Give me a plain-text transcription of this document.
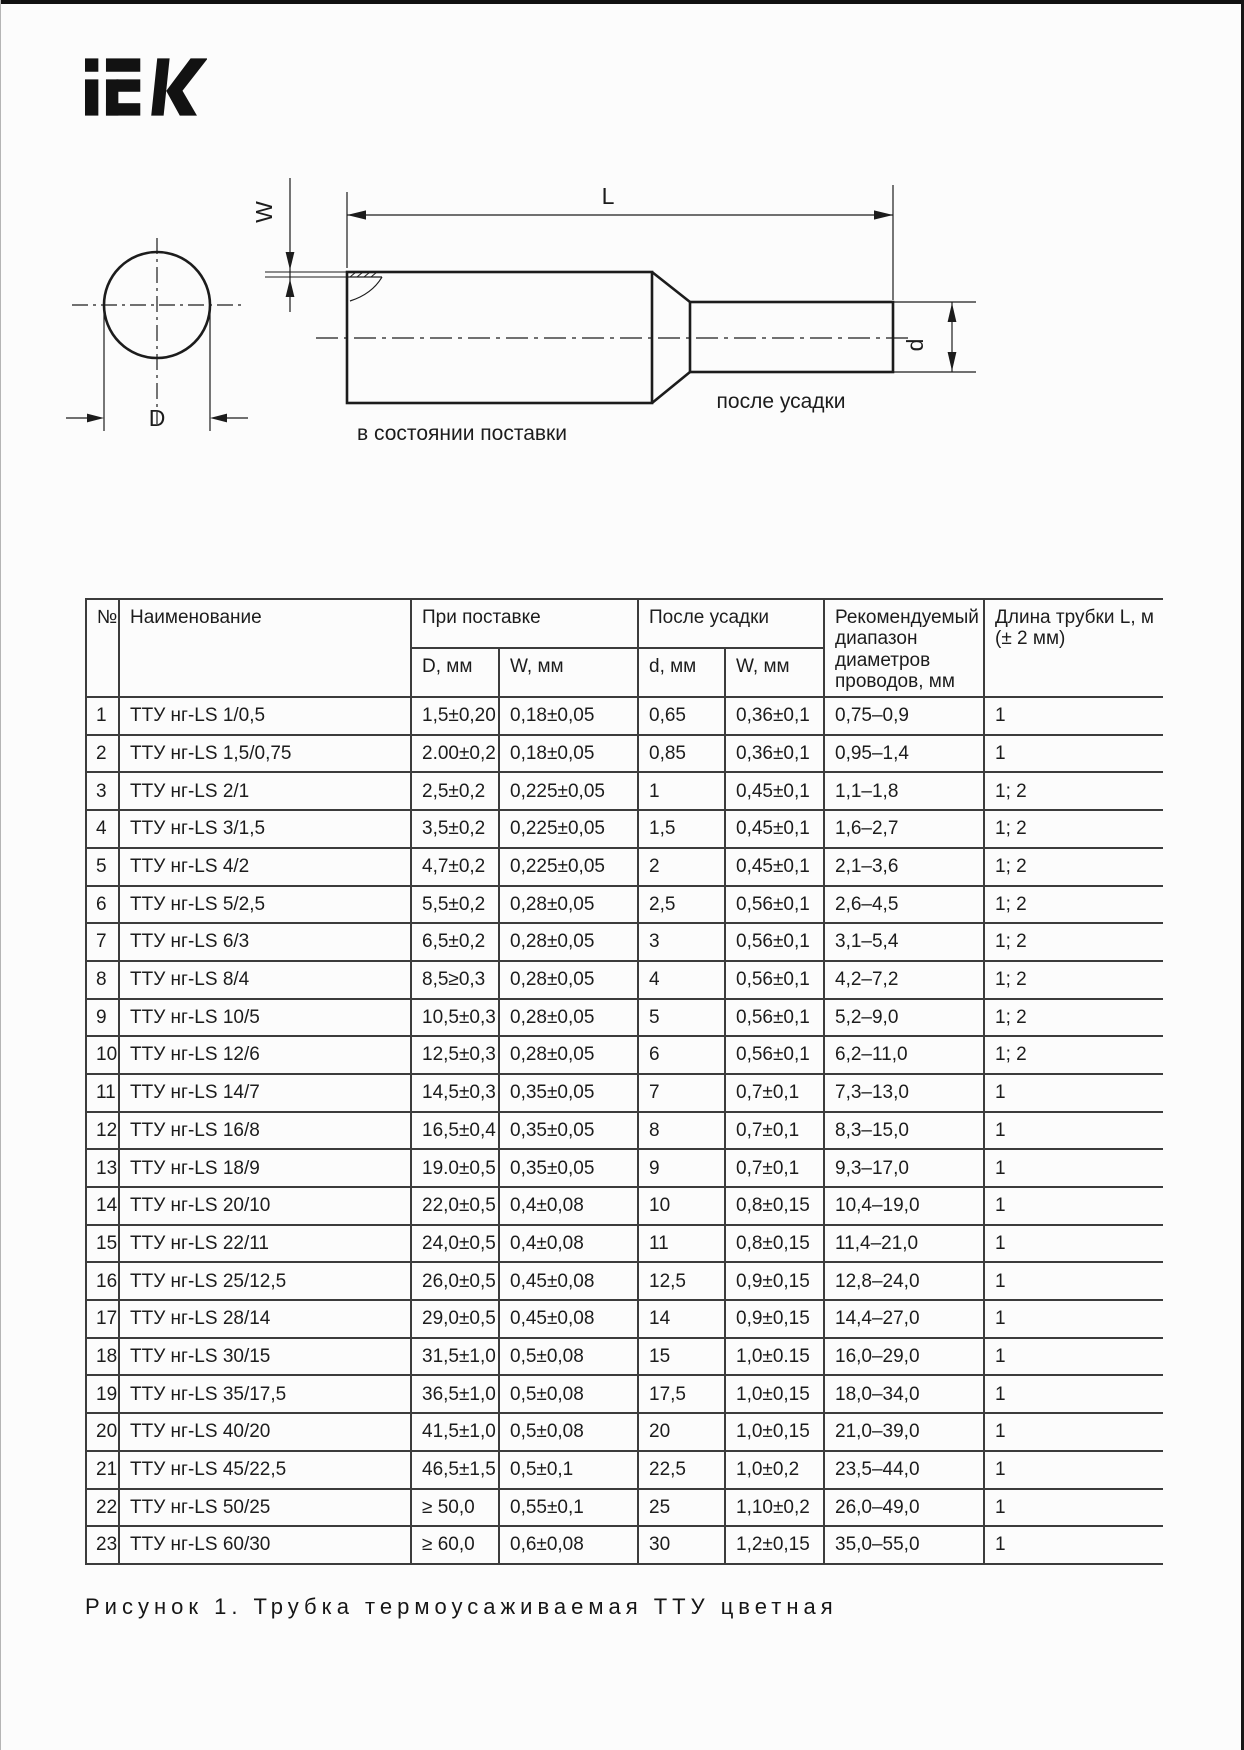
W
L
D
d
в состоянии поставки
после усадки
№	Наименование	При поставке		После усадки		Рекомендуемый диапазон диаметров проводов, мм	Длина трубки L, м (± 2 мм)
		D, мм	W, мм	d, мм	W, мм		
1	ТТУ нг-LS 1/0,5	1,5±0,20	0,18±0,05	0,65	0,36±0,1	0,75–0,9	1
2	ТТУ нг-LS 1,5/0,75	2.00±0,2	0,18±0,05	0,85	0,36±0,1	0,95–1,4	1
3	ТТУ нг-LS 2/1	2,5±0,2	0,225±0,05	1	0,45±0,1	1,1–1,8	1; 2
4	ТТУ нг-LS 3/1,5	3,5±0,2	0,225±0,05	1,5	0,45±0,1	1,6–2,7	1; 2
5	ТТУ нг-LS 4/2	4,7±0,2	0,225±0,05	2	0,45±0,1	2,1–3,6	1; 2
6	ТТУ нг-LS 5/2,5	5,5±0,2	0,28±0,05	2,5	0,56±0,1	2,6–4,5	1; 2
7	ТТУ нг-LS 6/3	6,5±0,2	0,28±0,05	3	0,56±0,1	3,1–5,4	1; 2
8	ТТУ нг-LS 8/4	8,5≥0,3	0,28±0,05	4	0,56±0,1	4,2–7,2	1; 2
9	ТТУ нг-LS 10/5	10,5±0,3	0,28±0,05	5	0,56±0,1	5,2–9,0	1; 2
10	ТТУ нг-LS 12/6	12,5±0,3	0,28±0,05	6	0,56±0,1	6,2–11,0	1; 2
11	ТТУ нг-LS 14/7	14,5±0,3	0,35±0,05	7	0,7±0,1	7,3–13,0	1
12	ТТУ нг-LS 16/8	16,5±0,4	0,35±0,05	8	0,7±0,1	8,3–15,0	1
13	ТТУ нг-LS 18/9	19.0±0,5	0,35±0,05	9	0,7±0,1	9,3–17,0	1
14	ТТУ нг-LS 20/10	22,0±0,5	0,4±0,08	10	0,8±0,15	10,4–19,0	1
15	ТТУ нг-LS 22/11	24,0±0,5	0,4±0,08	11	0,8±0,15	11,4–21,0	1
16	ТТУ нг-LS 25/12,5	26,0±0,5	0,45±0,08	12,5	0,9±0,15	12,8–24,0	1
17	ТТУ нг-LS 28/14	29,0±0,5	0,45±0,08	14	0,9±0,15	14,4–27,0	1
18	ТТУ нг-LS 30/15	31,5±1,0	0,5±0,08	15	1,0±0.15	16,0–29,0	1
19	ТТУ нг-LS 35/17,5	36,5±1,0	0,5±0,08	17,5	1,0±0,15	18,0–34,0	1
20	ТТУ нг-LS 40/20	41,5±1,0	0,5±0,08	20	1,0±0,15	21,0–39,0	1
21	ТТУ нг-LS 45/22,5	46,5±1,5	0,5±0,1	22,5	1,0±0,2	23,5–44,0	1
22	ТТУ нг-LS 50/25	≥ 50,0	0,55±0,1	25	1,10±0,2	26,0–49,0	1
23	ТТУ нг-LS 60/30	≥ 60,0	0,6±0,08	30	1,2±0,15	35,0–55,0	1
Рисунок 1. Трубка термоусаживаемая ТТУ цветная
